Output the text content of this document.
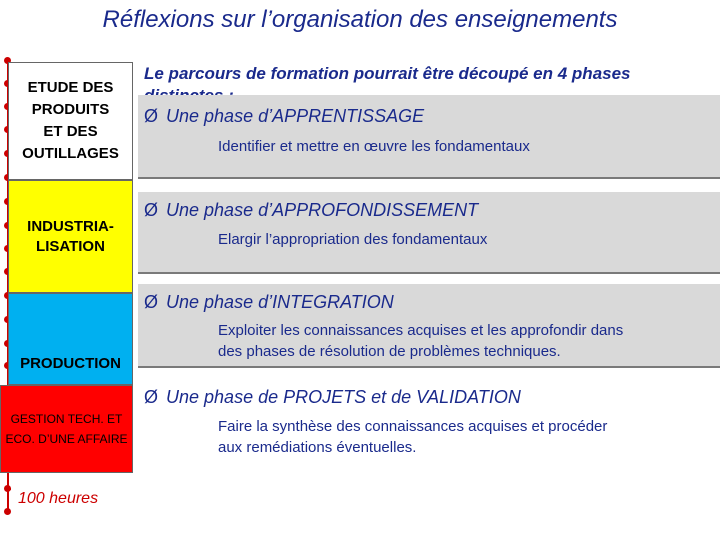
Réflexions sur l’organisation des enseignements
ETUDE DES
PRODUITS
ET DES
OUTILLAGES
INDUSTRIA-
LISATION
PRODUCTION
GESTION TECH. ET
ECO. D’UNE AFFAIRE
100 heures
Le parcours de formation pourrait être découpé en 4 phases
Ø Une phase d’APPRENTISSAGE
Identifier et mettre en œuvre les fondamentaux
Ø Une phase d’APPROFONDISSEMENT
Elargir l’appropriation des fondamentaux
Ø Une phase d’INTEGRATION
Exploiter les connaissances acquises et les approfondir dans
des phases de résolution de problèmes techniques.
Ø Une phase de PROJETS et de VALIDATION
Faire la synthèse des connaissances acquises et procéder
aux remédiations éventuelles.
